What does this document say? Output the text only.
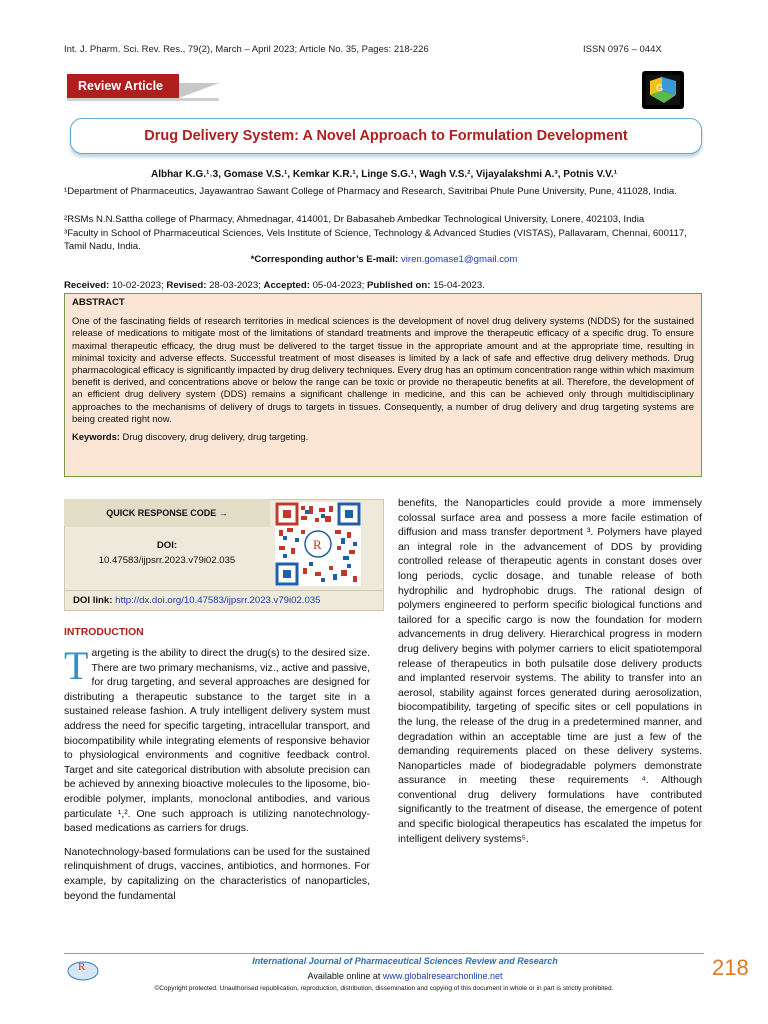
Int. J. Pharm. Sci. Rev. Res., 79(2), March – April 2023; Article No. 35, Pages: 218-226	ISSN 0976 – 044X
Review Article	G
Drug Delivery System: A Novel Approach to Formulation Development
Albhar K.G.¹˒3, Gomase V.S.¹, Kemkar K.R.¹, Linge S.G.¹, Wagh V.S.², Vijayalakshmi A.³, Potnis V.V.¹
¹Department of Pharmaceutics, Jayawantrao Sawant College of Pharmacy and Research, Savitribai Phule Pune University, Pune, 411028, India.
²RSMs N.N.Sattha college of Pharmacy, Ahmednagar, 414001, Dr Babasaheb Ambedkar Technological University, Lonere, 402103, India
³Faculty in School of Pharmaceutical Sciences, Vels Institute of Science, Technology & Advanced Studies (VISTAS), Pallavaram, Chennai, 600117, Tamil Nadu, India.
*Corresponding author’s E-mail: viren.gomase1@gmail.com
Received: 10-02-2023; Revised: 28-03-2023; Accepted: 05-04-2023; Published on: 15-04-2023.
ABSTRACT

One of the fascinating fields of research territories in medical sciences is the development of novel drug delivery systems (NDDS) for the sustained release of medications to mitigate most of the limitations of standard treatments and improve the therapeutic efficacy of a specific drug. To ensure maximal therapeutic efficacy, the drug must be delivered to the target tissue in the appropriate amount and at the appropriate time, resulting in minimal toxicity and adverse effects. Successful treatment of most diseases is limited by a lack of safe and effective drug delivery methods. Drug pharmacological efficacy is significantly impacted by drug delivery techniques. Every drug has an optimum concentration range within which maximum benefit is derived, and concentrations above or below the range can be toxic or provide no therapeutic benefits at all. Therefore, the development of an efficient drug delivery system (DDS) remains a significant challenge in medicine, and this can be achieved only through multidisciplinary approaches to the mechanisms of delivery of drugs to targets in tissues. Consequently, a number of drug delivery and drug targeting systems are being created right now.

Keywords: Drug discovery, drug delivery, drug targeting.

QUICK RESPONSE CODE →
DOI:
10.47583/ijpsrr.2023.v79i02.035
DOI link: http://dx.doi.org/10.47583/ijpsrr.2023.v79i02.035
R
INTRODUCTION

Targeting is the ability to direct the drug(s) to the desired size. There are two primary mechanisms, viz., active and passive, for drug targeting, and several approaches are designed for distributing a therapeutic substance to the target site in a sustained release fashion. A truly intelligent delivery system must address the need for specific targeting, intracellular transport, and biocompatibility while integrating elements of responsive behavior to physiological environments and cognitive feedback control. Target and site categorical distribution with absolute precision can be achieved by annexing bioactive molecules to the liposome, bio-erodible polymer, implants, monoclonal antibodies, and various particulate ¹,². One such approach is utilizing nanotechnology-based medications as carriers for drugs.

Nanotechnology-based formulations can be used for the sustained relinquishment of drugs, vaccines, antibiotics, and hormones. For example, by capitalizing on the characteristics of nanoparticles, beyond the fundamental

benefits, the Nanoparticles could provide a more immensely colossal surface area and possess a more facile estimation of diffusion and mass transfer deportment ³. Polymers have played an integral role in the advancement of DDS by providing controlled release of therapeutic agents in constant doses over long periods, cyclic dosage, and tunable release of both hydrophilic and hydrophobic drugs. The rational design of polymers engineered to perform specific biological functions and tailored for a specific cargo is now the foundation for modern advancements in drug delivery. Hierarchical progress in modern drug delivery begins with polymer carriers to elicit spatiotemporal release of therapeutics in both pulsatile dose delivery products and implanted reservoir systems. The ability to transfer into an aerosol, stability against forces generated during aerosolization, biocompatibility, targeting of specific sites or cell populations in the lung, the release of the drug in a predetermined manner, and degradation within an acceptable time are just a few of the demanding requirements placed on these delivery systems. Nanoparticles made of biodegradable polymers demonstrate assurance in meeting these requirements ⁴. Although conventional drug delivery formulations have contributed significantly to the treatment of disease, the emergence of potent and specific biological therapeutics has escalated the impetus for intelligent delivery systems⁵.

R	International Journal of Pharmaceutical Sciences Review and Research
Available online at www.globalresearchonline.net
©Copyright protected. Unauthorised republication, reproduction, distribution, dissemination and copying of this document in whole or in part is strictly prohibited.
218
